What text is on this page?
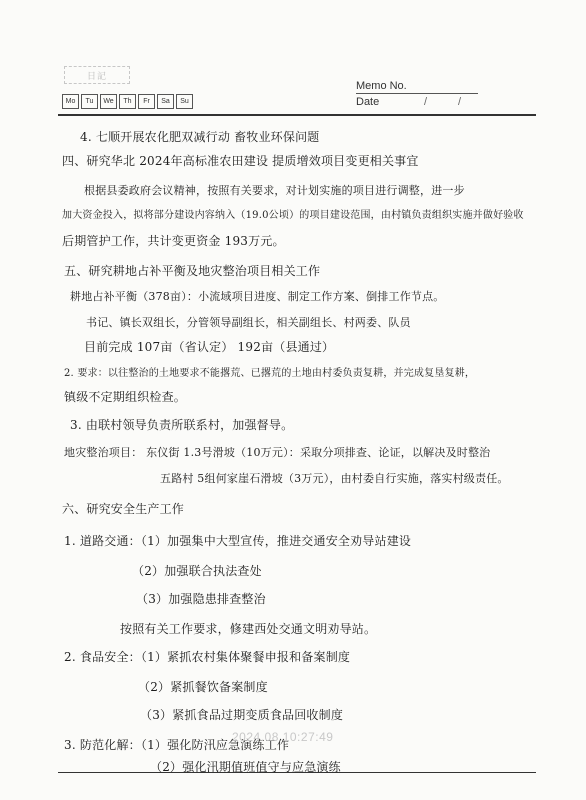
日記
Mo	Tu	We	Th	Fr	Sa	Su
Memo No.
Date	/	/
4. 七顺开展农化肥双减行动 畜牧业环保问题
四、研究华北 2024年高标准农田建设 提质增效项目变更相关事宜
根据县委政府会议精神，按照有关要求，对计划实施的项目进行调整，进一步
加大资金投入，拟将部分建设内容纳入（19.0公顷）的项目建设范围，由村镇负责组织实施并做好验收
后期管护工作，共计变更资金 193万元。
五、研究耕地占补平衡及地灾整治项目相关工作
耕地占补平衡（378亩）：小流域项目进度、制定工作方案、倒排工作节点。
书记、镇长双组长，分管领导副组长，相关副组长、村两委、队员
目前完成 107亩（省认定） 192亩（县通过）
2. 要求：以往整治的土地要求不能撂荒、已撂荒的土地由村委负责复耕，并完成复垦复耕，
镇级不定期组织检查。
3. 由联村领导负责所联系村，加强督导。
地灾整治项目： 东仪街 1.3号滑坡（10万元）：采取分项排查、论证，以解决及时整治
五路村 5组何家崖石滑坡（3万元），由村委自行实施，落实村级责任。
六、研究安全生产工作
1. 道路交通：（1）加强集中大型宣传，推进交通安全劝导站建设
（2）加强联合执法查处
（3）加强隐患排查整治
按照有关工作要求，修建西处交通文明劝导站。
2. 食品安全：（1）紧抓农村集体聚餐申报和备案制度
（2）紧抓餐饮备案制度
（3）紧抓食品过期变质食品回收制度
3. 防范化解：（1）强化防汛应急演练工作
（2）强化汛期值班值守与应急演练
2024.08 10:27:49
